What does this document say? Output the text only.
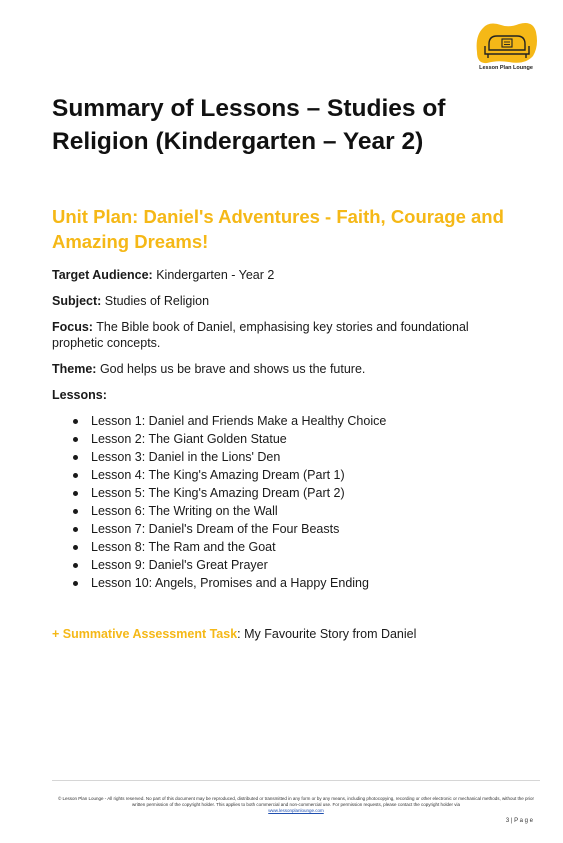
Lesson Plan Lounge
Summary of Lessons – Studies of Religion (Kindergarten – Year 2)
Unit Plan: Daniel's Adventures - Faith, Courage and Amazing Dreams!

Target Audience: Kindergarten - Year 2

Subject: Studies of Religion

Focus: The Bible book of Daniel, emphasising key stories and foundational prophetic concepts.

Theme: God helps us be brave and shows us the future.

Lessons:

Lesson 1: Daniel and Friends Make a Healthy Choice
Lesson 2: The Giant Golden Statue
Lesson 3: Daniel in the Lions' Den
Lesson 4: The King's Amazing Dream (Part 1)
Lesson 5: The King's Amazing Dream (Part 2)
Lesson 6: The Writing on the Wall
Lesson 7: Daniel's Dream of the Four Beasts
Lesson 8: The Ram and the Goat
Lesson 9: Daniel's Great Prayer
Lesson 10: Angels, Promises and a Happy Ending

+ Summative Assessment Task: My Favourite Story from Daniel

© Lesson Plan Lounge - All rights reserved. No part of this document may be reproduced, distributed or transmitted in any form or by any means, including photocopying, recording or other electronic or mechanical methods, without the prior written permission of the copyright holder. This applies to both commercial and non-commercial use. For permission requests, please contact the copyright holder via
www.lessonplanlounge.com
3 | P a g e
